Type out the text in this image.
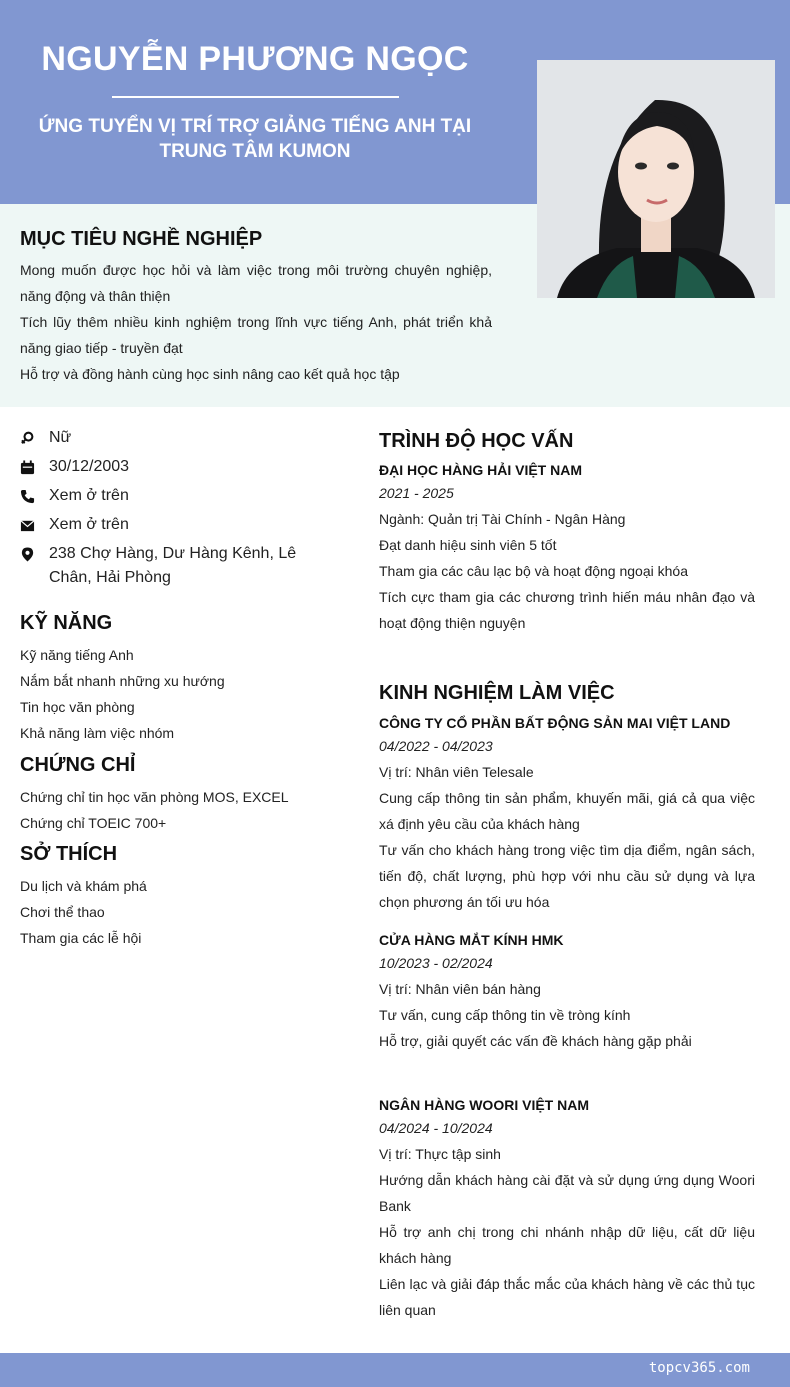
NGUYỄN PHƯƠNG NGỌC
ỨNG TUYỂN VỊ TRÍ TRỢ GIẢNG TIẾNG ANH TẠI TRUNG TÂM KUMON
MỤC TIÊU NGHỀ NGHIỆP
Mong muốn được học hỏi và làm việc trong môi trường chuyên nghiệp, năng động và thân thiện
Tích lũy thêm nhiều kinh nghiệm trong lĩnh vực tiếng Anh, phát triển khả năng giao tiếp - truyền đạt
Hỗ trợ và đồng hành cùng học sinh nâng cao kết quả học tập
Nữ
30/12/2003
Xem ở trên
Xem ở trên
238 Chợ Hàng, Dư Hàng Kênh, Lê Chân, Hải Phòng
KỸ NĂNG
Kỹ năng tiếng Anh
Nắm bắt nhanh những xu hướng
Tin học văn phòng
Khả năng làm việc nhóm
CHỨNG CHỈ
Chứng chỉ tin học văn phòng MOS, EXCEL
Chứng chỉ TOEIC 700+
SỞ THÍCH
Du lịch và khám phá
Chơi thể thao
Tham gia các lễ hội
TRÌNH ĐỘ HỌC VẤN
ĐẠI HỌC HÀNG HẢI VIỆT NAM
2021 - 2025
Ngành: Quản trị Tài Chính - Ngân Hàng
Đạt danh hiệu sinh viên 5 tốt
Tham gia các câu lạc bộ và hoạt động ngoại khóa
Tích cực tham gia các chương trình hiến máu nhân đạo và hoạt động thiện nguyện
KINH NGHIỆM LÀM VIỆC
CÔNG TY CỔ PHẦN BẤT ĐỘNG SẢN MAI VIỆT LAND
04/2022 - 04/2023
Vị trí: Nhân viên Telesale
Cung cấp thông tin sản phẩm, khuyến mãi, giá cả qua việc xá định yêu cầu của khách hàng
Tư vấn cho khách hàng trong việc tìm dịa điểm, ngân sách, tiến độ, chất lượng, phù hợp với nhu cầu sử dụng và lựa chọn phương án tối ưu hóa
CỬA HÀNG MẮT KÍNH HMK
10/2023 - 02/2024
Vị trí: Nhân viên bán hàng
Tư vấn, cung cấp thông tin về tròng kính
Hỗ trợ, giải quyết các vấn đề khách hàng gặp phải
NGÂN HÀNG WOORI VIỆT NAM
04/2024 - 10/2024
Vị trí: Thực tập sinh
Hướng dẫn khách hàng cài đặt và sử dụng ứng dụng Woori Bank
Hỗ trợ anh chị trong chi nhánh nhập dữ liệu, cất dữ liệu khách hàng
Liên lạc và giải đáp thắc mắc của khách hàng về các thủ tục liên quan
topcv365.com
